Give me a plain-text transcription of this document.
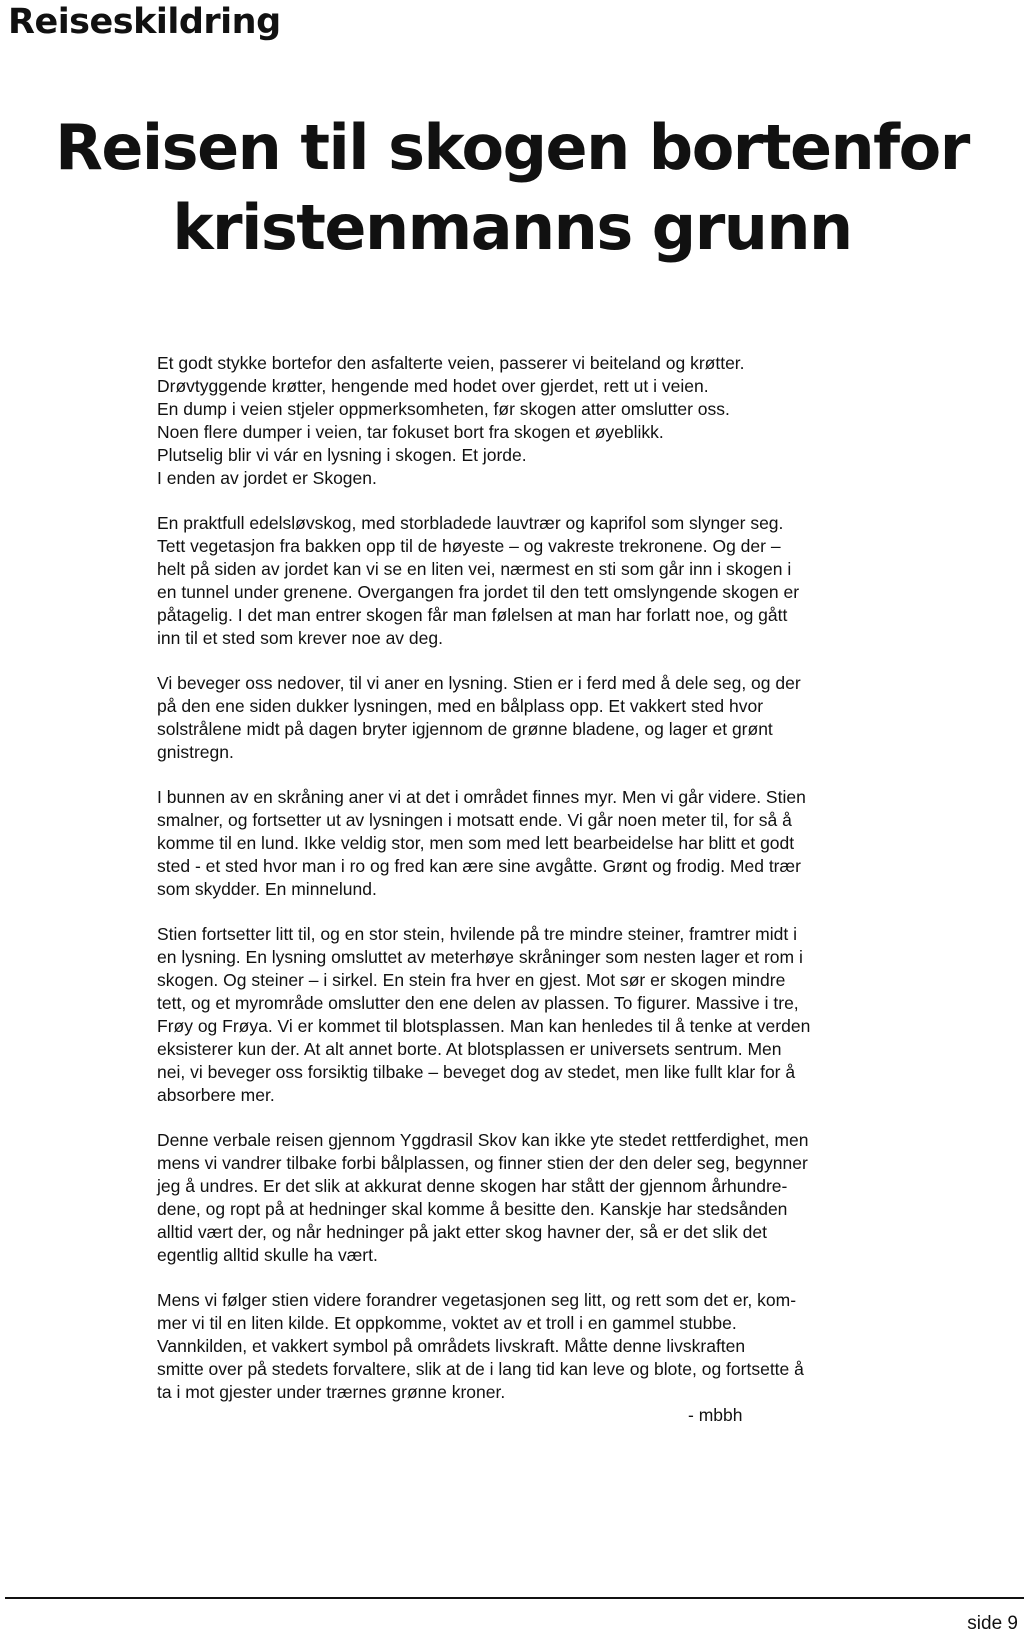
Reiseskildring
Reisen til skogen bortenfor
kristenmanns grunn

Et godt stykke bortefor den asfalterte veien, passerer vi beiteland og krøtter.
Drøvtyggende krøtter, hengende med hodet over gjerdet, rett ut i veien.
En dump i veien stjeler oppmerksomheten, før skogen atter omslutter oss.
Noen flere dumper i veien, tar fokuset bort fra skogen et øyeblikk.
Plutselig blir vi vár en lysning i skogen. Et jorde.
I enden av jordet er Skogen.

En praktfull edelsløvskog, med storbladede lauvtrær og kaprifol som slynger seg.
Tett vegetasjon fra bakken opp til de høyeste – og vakreste trekronene. Og der –
helt på siden av jordet kan vi se en liten vei, nærmest en sti som går inn i skogen i
en tunnel under grenene. Overgangen fra jordet til den tett omslyngende skogen er
påtagelig. I det man entrer skogen får man følelsen at man har forlatt noe, og gått
inn til et sted som krever noe av deg.

Vi beveger oss nedover, til vi aner en lysning. Stien er i ferd med å dele seg, og der
på den ene siden dukker lysningen, med en bålplass opp. Et vakkert sted hvor
solstrålene midt på dagen bryter igjennom de grønne bladene, og lager et grønt
gnistregn.

I bunnen av en skråning aner vi at det i området finnes myr. Men vi går videre. Stien
smalner, og fortsetter ut av lysningen i motsatt ende. Vi går noen meter til, for så å
komme til en lund. Ikke veldig stor, men som med lett bearbeidelse har blitt et godt
sted - et sted hvor man i ro og fred kan ære sine avgåtte. Grønt og frodig. Med trær
som skydder. En minnelund.

Stien fortsetter litt til, og en stor stein, hvilende på tre mindre steiner, framtrer midt i
en lysning. En lysning omsluttet av meterhøye skråninger som nesten lager et rom i
skogen. Og steiner – i sirkel. En stein fra hver en gjest. Mot sør er skogen mindre
tett, og et myrområde omslutter den ene delen av plassen. To figurer. Massive i tre,
Frøy og Frøya. Vi er kommet til blotsplassen. Man kan henledes til å tenke at verden
eksisterer kun der. At alt annet borte. At blotsplassen er universets sentrum. Men
nei, vi beveger oss forsiktig tilbake – beveget dog av stedet, men like fullt klar for å
absorbere mer.

Denne verbale reisen gjennom Yggdrasil Skov kan ikke yte stedet rettferdighet, men
mens vi vandrer tilbake forbi bålplassen, og finner stien der den deler seg, begynner
jeg å undres. Er det slik at akkurat denne skogen har stått der gjennom århundre-
dene, og ropt på at hedninger skal komme å besitte den. Kanskje har stedsånden
alltid vært der, og når hedninger på jakt etter skog havner der, så er det slik det
egentlig alltid skulle ha vært.

Mens vi følger stien videre forandrer vegetasjonen seg litt, og rett som det er, kom-
mer vi til en liten kilde. Et oppkomme, voktet av et troll i en gammel stubbe.
Vannkilden, et vakkert symbol på områdets livskraft. Måtte denne livskraften
smitte over på stedets forvaltere, slik at de i lang tid kan leve og blote, og fortsette å
ta i mot gjester under trærnes grønne kroner.
- mbbh

side 9
